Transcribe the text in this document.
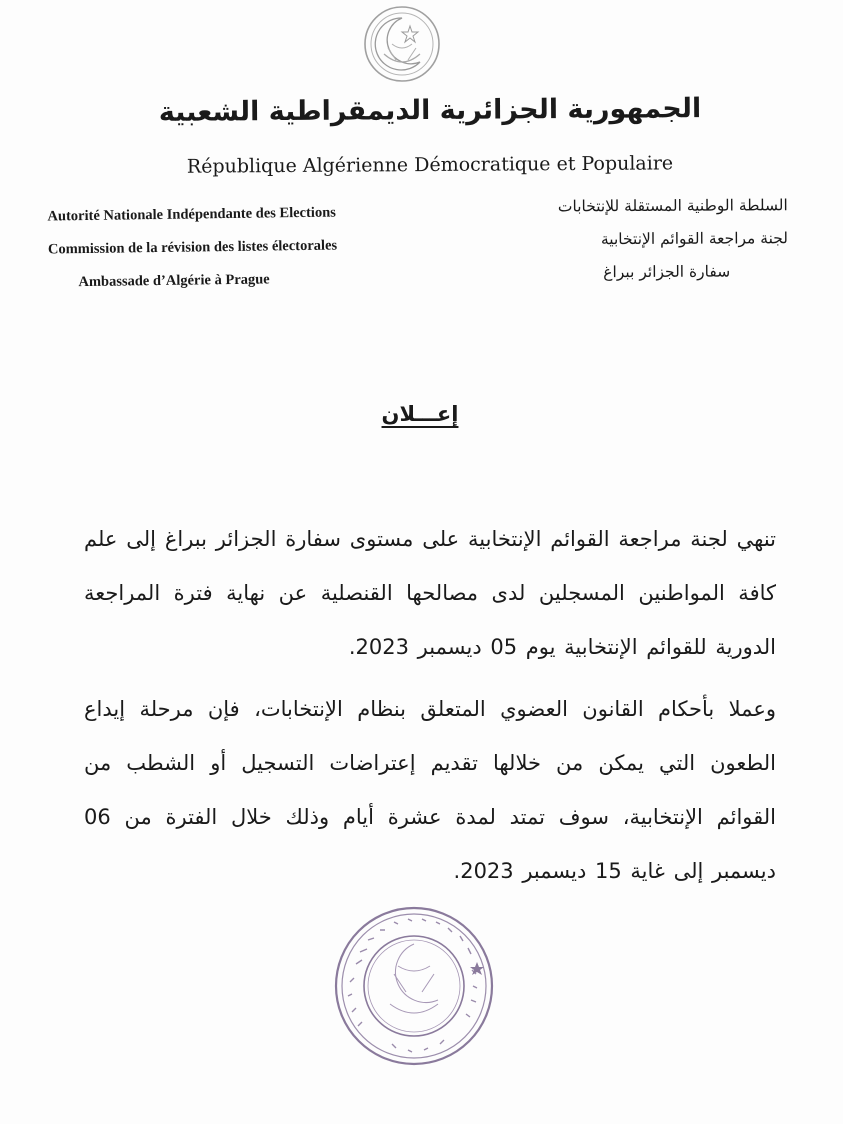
الجمهورية الجزائرية الديمقراطية الشعبية
République Algérienne Démocratique et Populaire
Autorité Nationale Indépendante des Elections
Commission de la révision des listes électorales
Ambassade d’Algérie à Prague
السلطة الوطنية المستقلة للإنتخابات
لجنة مراجعة القوائم الإنتخابية
سفارة الجزائر ببراغ
إعـــلان

تنهي لجنة مراجعة القوائم الإنتخابية على مستوى سفارة الجزائر ببراغ إلى علم كافة المواطنين المسجلين لدى مصالحها القنصلية عن نهاية فترة المراجعة الدورية للقوائم الإنتخابية يوم 05 ديسمبر 2023.

وعملا بأحكام القانون العضوي المتعلق بنظام الإنتخابات، فإن مرحلة إيداع الطعون التي يمكن من خلالها تقديم إعتراضات التسجيل أو الشطب من القوائم الإنتخابية، سوف تمتد لمدة عشرة أيام وذلك خلال الفترة من 06 ديسمبر إلى غاية 15 ديسمبر 2023.
